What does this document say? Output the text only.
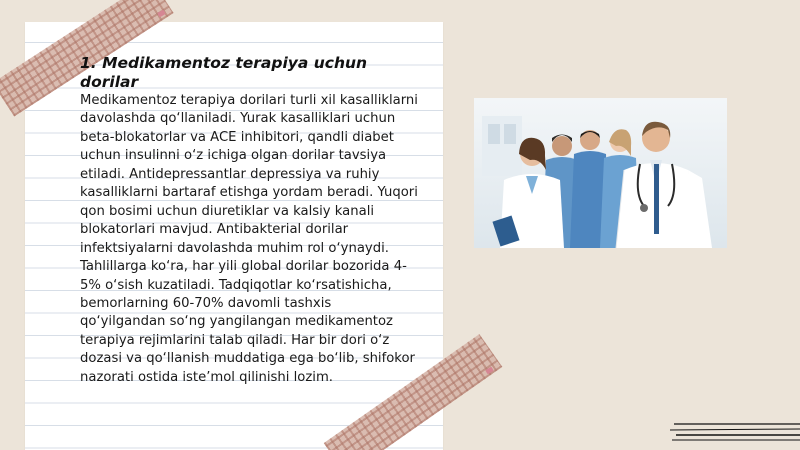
1. Medikamentoz terapiya uchun dorilar

Medikamentoz terapiya dorilari turli xil kasalliklarni davolashda qo‘llaniladi. Yurak kasalliklari uchun beta-blokatorlar va ACE inhibitori, qandli diabet uchun insulinni o‘z ichiga olgan dorilar tavsiya etiladi. Antidepressantlar depressiya va ruhiy kasalliklarni bartaraf etishga yordam beradi. Yuqori qon bosimi uchun diuretiklar va kalsiy kanali blokatorlari mavjud. Antibakterial dorilar infektsiyalarni davolashda muhim rol o‘ynaydi. Tahlillarga ko‘ra, har yili global dorilar bozorida 4-5% o‘sish kuzatiladi. Tadqiqotlar ko‘rsatishicha, bemorlarning 60-70% davomli tashxis qo‘yilgandan so‘ng yangilangan medikamentoz terapiya rejimlarini talab qiladi. Har bir dori o‘z dozasi va qo‘llanish muddatiga ega bo‘lib, shifokor nazorati ostida iste’mol qilinishi lozim.
